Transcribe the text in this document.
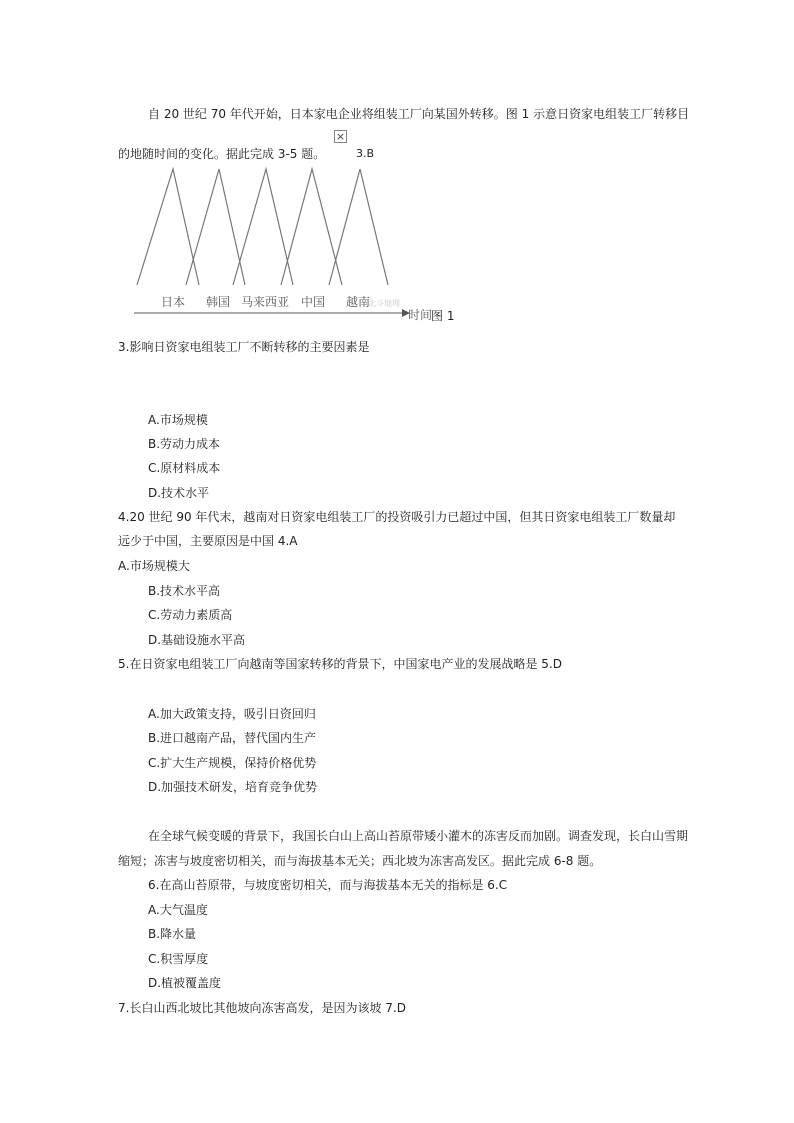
自 20 世纪 70 年代开始，日本家电企业将组装工厂向某国外转移。图 1 示意日资家电组装工厂转移目
的地随时间的变化。据此完成 3-5 题。
×
3.B
日本 韩国 马来西亚 中国 越南
北斗地理
时间
图 1
3.影响日资家电组装工厂不断转移的主要因素是
A.市场规模
B.劳动力成本
C.原材料成本
D.技术水平
4.20 世纪 90 年代末，越南对日资家电组装工厂的投资吸引力已超过中国，但其日资家电组装工厂数量却
远少于中国，主要原因是中国 4.A
A.市场规模大
B.技术水平高
C.劳动力素质高
D.基础设施水平高
5.在日资家电组装工厂向越南等国家转移的背景下，中国家电产业的发展战略是 5.D
A.加大政策支持，吸引日资回归
B.进口越南产品，替代国内生产
C.扩大生产规模，保持价格优势
D.加强技术研发，培育竞争优势
在全球气候变暖的背景下，我国长白山上高山苔原带矮小灌木的冻害反而加剧。调查发现，长白山雪期
缩短；冻害与坡度密切相关，而与海拔基本无关；西北坡为冻害高发区。据此完成 6-8 题。
6.在高山苔原带，与坡度密切相关，而与海拔基本无关的指标是 6.C
A.大气温度
B.降水量
C.积雪厚度
D.植被覆盖度
7.长白山西北坡比其他坡向冻害高发，是因为该坡 7.D
